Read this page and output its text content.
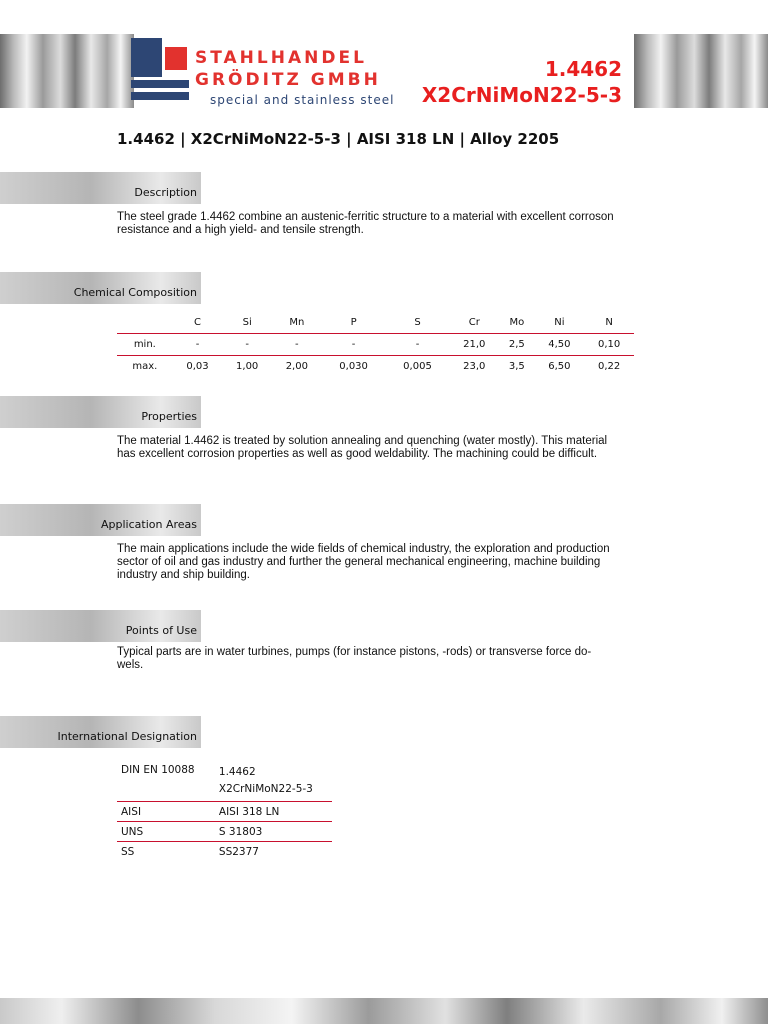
STAHLHANDEL
GRÖDITZ GMBH
special and stainless steel
1.4462
X2CrNiMoN22-5-3
1.4462 | X2CrNiMoN22-5-3 | AISI 318 LN | Alloy 2205
Description
The steel grade 1.4462 combine an austenic-ferritic structure to a material with excellent corroson resistance and a high yield- and tensile strength.
Chemical Composition
	C	Si	Mn	P	S	Cr	Mo	Ni	N
min.	-	-	-	-	-	21,0	2,5	4,50	0,10
max.	0,03	1,00	2,00	0,030	0,005	23,0	3,5	6,50	0,22
Properties
The material 1.4462 is treated by solution annealing and quenching (water mostly). This material has excellent corrosion properties as well as good weldability. The machining could be difficult.
Application Areas
The main applications include the wide fields of chemical industry, the exploration and production sector of oil and gas industry and further the general mechanical engineering, machine building industry and ship building.
Points of Use
Typical parts are in water turbines, pumps (for instance pistons, -rods) or transverse force do-wels.
International Designation
DIN EN 10088	1.4462
X2CrNiMoN22-5-3

AISI	AISI 318 LN
UNS	S 31803
SS	SS2377
